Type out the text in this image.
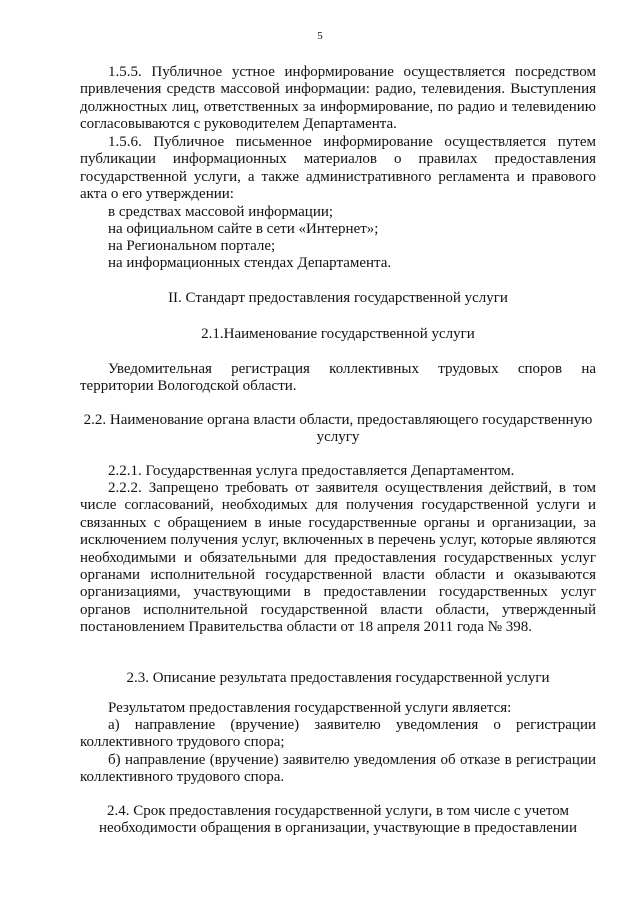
5

1.5.5. Публичное устное информирование осуществляется посредством привлечения средств массовой информации: радио, телевидения. Выступления должностных лиц, ответственных за информирование, по радио и телевидению согласовываются с руководителем Департамента.

1.5.6. Публичное письменное информирование осуществляется путем публикации информационных материалов о правилах предоставления государственной услуги, а также административного регламента и правового акта о его утверждении:

в средствах массовой информации;

на официальном сайте в сети «Интернет»;

на Региональном портале;

на информационных стендах Департамента.

II. Стандарт предоставления государственной услуги

2.1.Наименование государственной услуги

Уведомительная регистрация коллективных трудовых споров на территории Вологодской области.

2.2. Наименование органа власти области, предоставляющего государственную услугу

2.2.1. Государственная услуга предоставляется Департаментом.

2.2.2. Запрещено требовать от заявителя осуществления действий, в том числе согласований, необходимых для получения государственной услуги и связанных с обращением в иные государственные органы и организации, за исключением получения услуг, включенных в перечень услуг, которые являются необходимыми и обязательными для предоставления государственных услуг органами исполнительной государственной власти области и оказываются организациями, участвующими в предоставлении государственных услуг органов исполнительной государственной власти области, утвержденный постановлением Правительства области от 18 апреля 2011 года № 398.

2.3. Описание результата предоставления государственной услуги

Результатом предоставления государственной услуги является:

а) направление (вручение) заявителю уведомления о регистрации коллективного трудового спора;

б) направление (вручение) заявителю уведомления об отказе в регистрации коллективного трудового спора.

2.4. Срок предоставления государственной услуги, в том числе с учетом необходимости обращения в организации, участвующие в предоставлении
